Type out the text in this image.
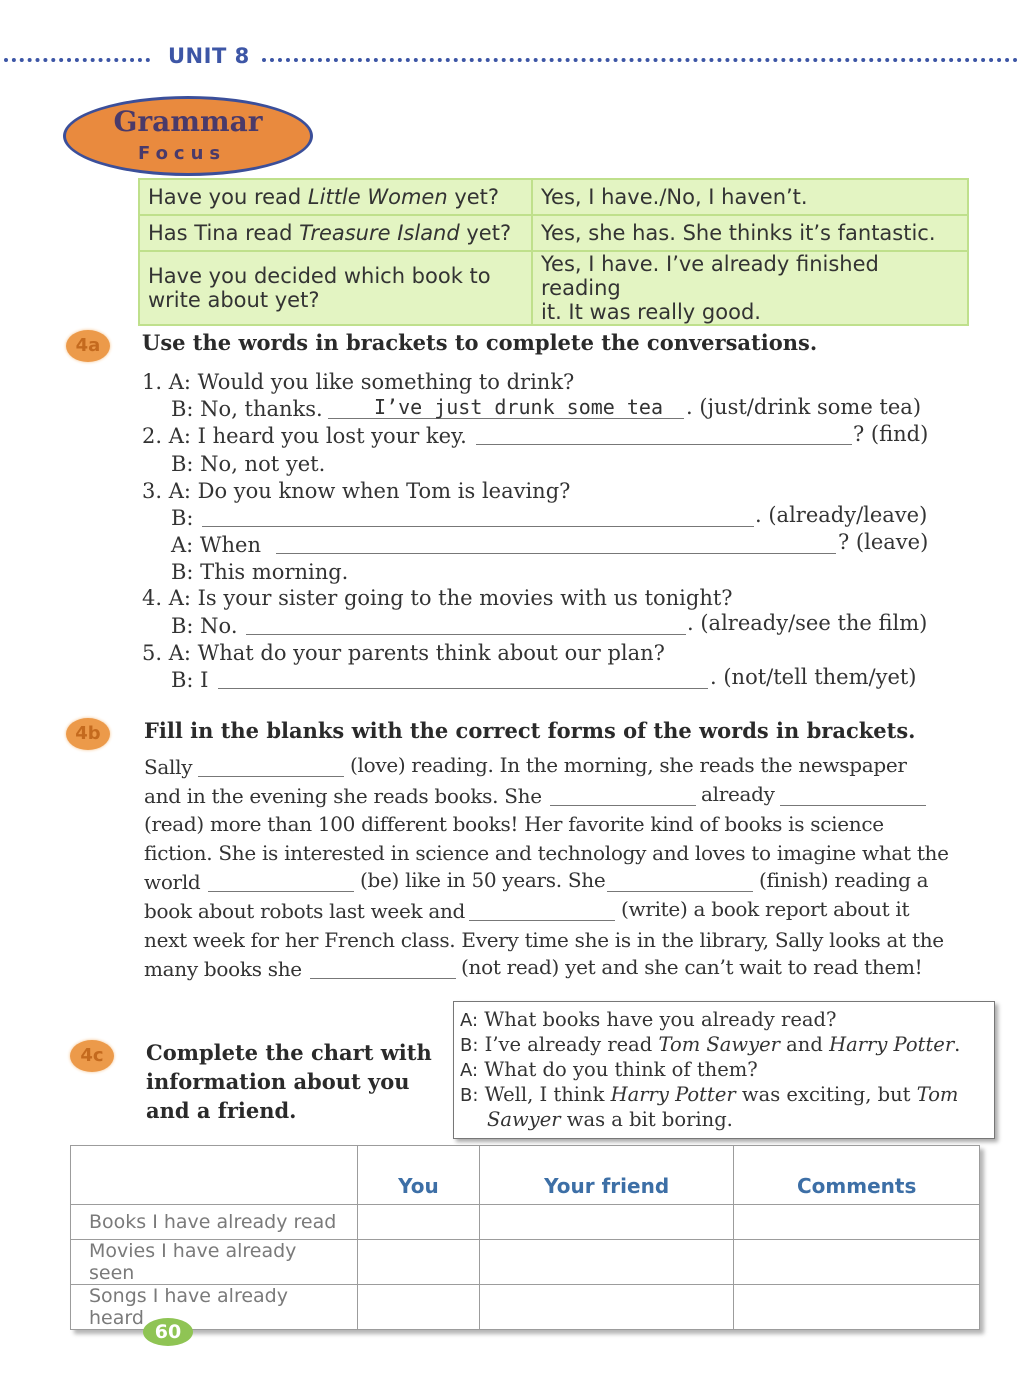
UNIT 8
Grammar
Focus
Have you read Little Women yet?	Yes, I have./No, I haven’t.
Has Tina read Treasure Island yet?	Yes, she has. She thinks it’s fantastic.
Have you decided which book to
write about yet?	Yes, I have. I’ve already finished reading
it. It was really good.
4a	Use the words in brackets to complete the conversations.
1. A: Would you like something to drink?
B: No, thanks.	I’ve just drunk some tea . (just/drink some tea)
2. A: I heard you lost your key.	? (find)
B: No, not yet.
3. A: Do you know when Tom is leaving?
B:	. (already/leave)
A: When	? (leave)
B: This morning.
4. A: Is your sister going to the movies with us tonight?
B: No.	. (already/see the film)
5. A: What do your parents think about our plan?
B: I	. (not/tell them/yet)
4b	Fill in the blanks with the correct forms of the words in brackets.
Sally	(love) reading. In the morning, she reads the newspaper
and in the evening she reads books. She	already
(read) more than 100 different books! Her favorite kind of books is science
fiction. She is interested in science and technology and loves to imagine what the
world	(be) like in 50 years. She	(finish) reading a
book about robots last week and	(write) a book report about it
next week for her French class. Every time she is in the library, Sally looks at the
many books she	(not read) yet and she can’t wait to read them!
4c	Complete the chart with
information about you
and a friend.
A: What books have you already read?
B: I’ve already read Tom Sawyer and Harry Potter.
A: What do you think of them?
B: Well, I think Harry Potter was exciting, but Tom
Sawyer was a bit boring.
	You	Your friend	Comments
Books I have already read			
Movies I have already seen			
Songs I have already heard			
60
